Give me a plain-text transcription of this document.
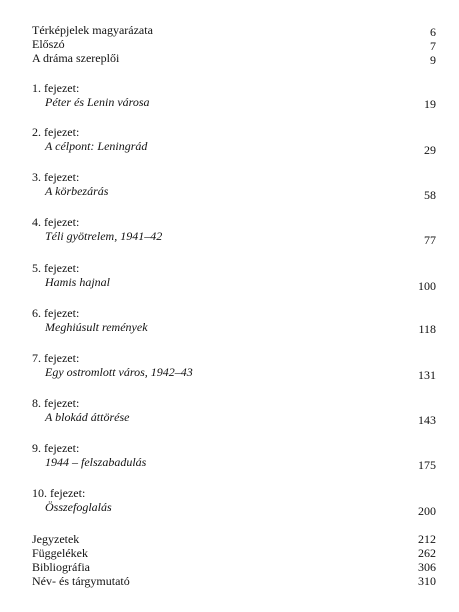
Térképjelek magyarázata	6
Előszó	7
A dráma szereplői	9
1. fejezet:
Péter és Lenin városa	19
2. fejezet:
A célpont: Leningrád	29
3. fejezet:
A körbezárás	58
4. fejezet:
Téli gyötrelem, 1941–42	77
5. fejezet:
Hamis hajnal	100
6. fejezet:
Meghiúsult remények	118
7. fejezet:
Egy ostromlott város, 1942–43	131
8. fejezet:
A blokád áttörése	143
9. fejezet:
1944 – felszabadulás	175
10. fejezet:
Összefoglalás	200
Jegyzetek	212
Függelékek	262
Bibliográfia	306
Név- és tárgymutató	310
